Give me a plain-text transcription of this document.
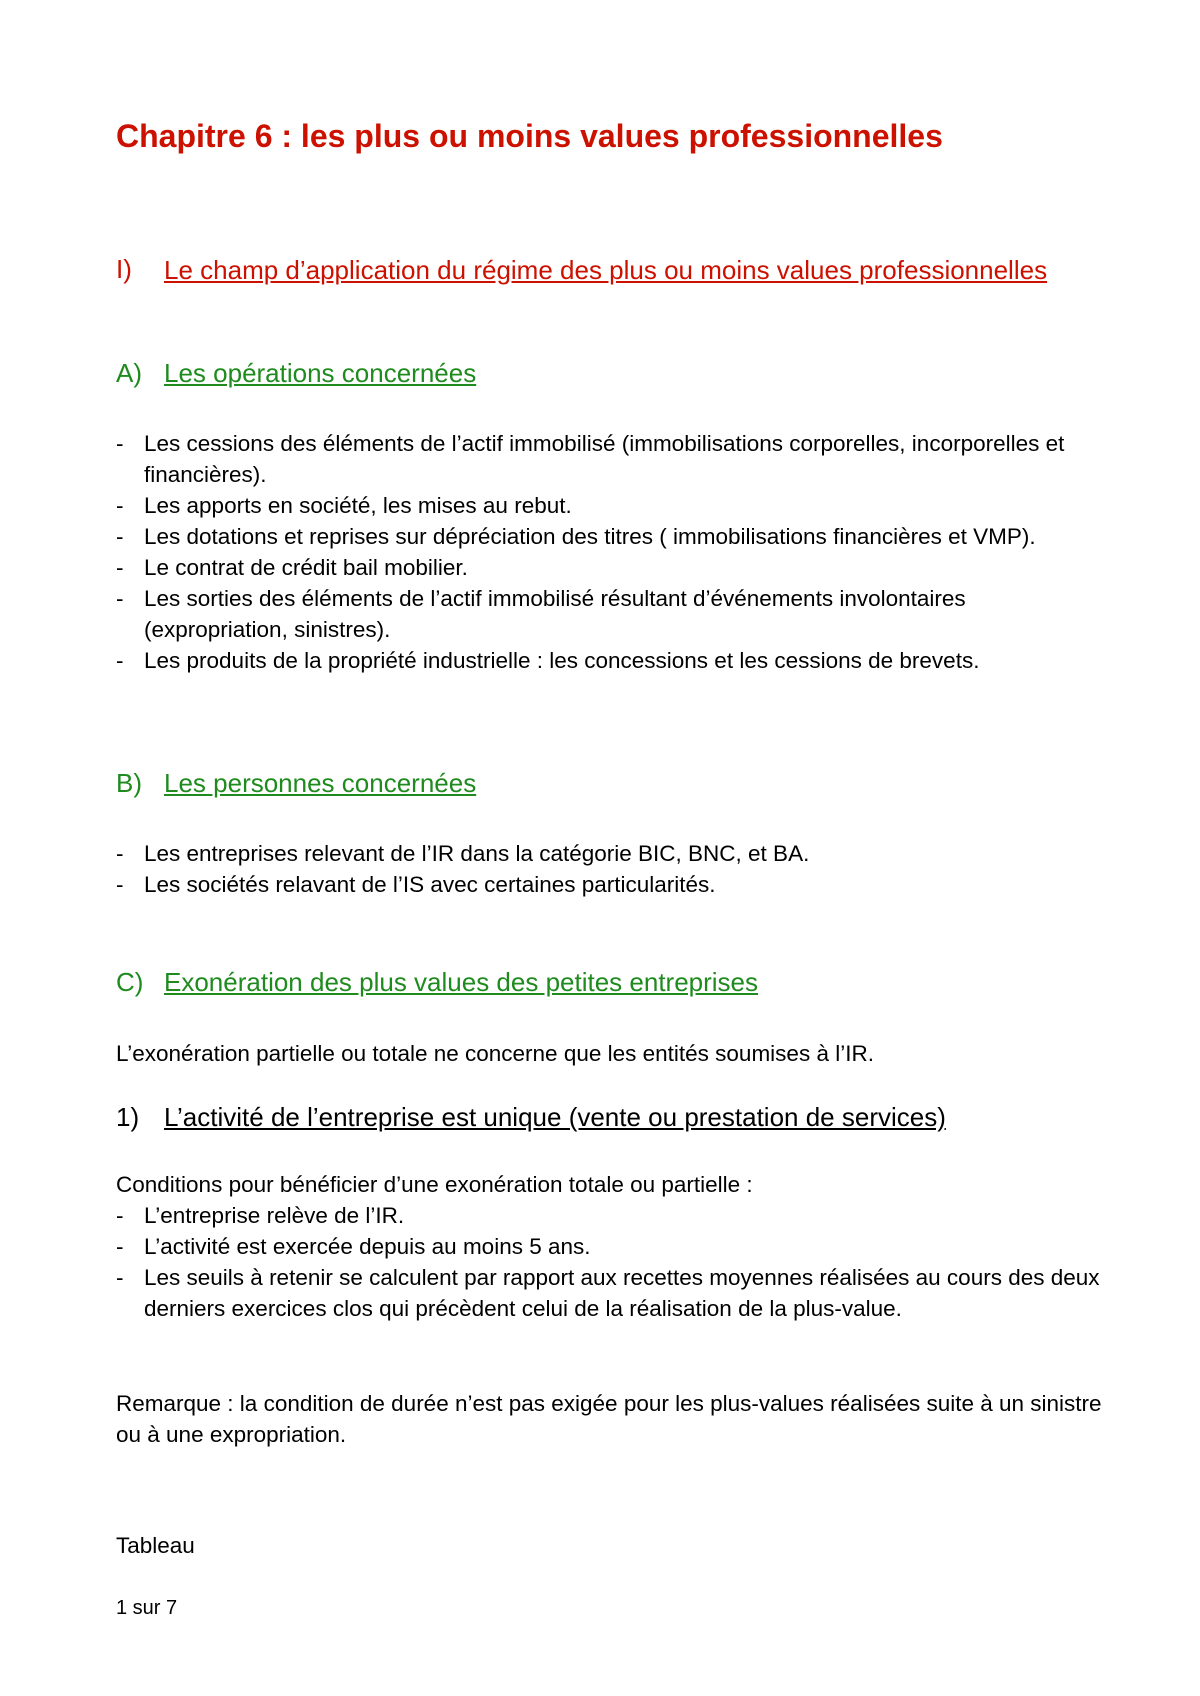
Chapitre 6 : les plus ou moins values professionnelles
I) Le champ d’application du régime des plus ou moins values professionnelles
A) Les opérations concernées
- Les cessions des éléments de l’actif immobilisé (immobilisations corporelles, incorporelles et financières).
- Les apports en société, les mises au rebut.
- Les dotations et reprises sur dépréciation des titres ( immobilisations financières et VMP).
- Le contrat de crédit bail mobilier.
- Les sorties des éléments de l’actif immobilisé résultant d’événements involontaires (expropriation, sinistres).
- Les produits de la propriété industrielle : les concessions et les cessions de brevets.
B) Les personnes concernées
- Les entreprises relevant de l’IR dans la catégorie BIC, BNC, et BA.
- Les sociétés relavant de l’IS avec certaines particularités.
C) Exonération des plus values des petites entreprises
L’exonération partielle ou totale ne concerne que les entités soumises à l’IR.
1) L’activité de l’entreprise est unique (vente ou prestation de services)
Conditions pour bénéficier d’une exonération totale ou partielle :
- L’entreprise relève de l’IR.
- L’activité est exercée depuis au moins 5 ans.
- Les seuils à retenir se calculent par rapport aux recettes moyennes réalisées au cours des deux derniers exercices clos qui précèdent celui de la réalisation de la plus-value.
Remarque : la condition de durée n’est pas exigée pour les plus-values réalisées suite à un sinistre ou à une expropriation.
Tableau
1 sur 7
